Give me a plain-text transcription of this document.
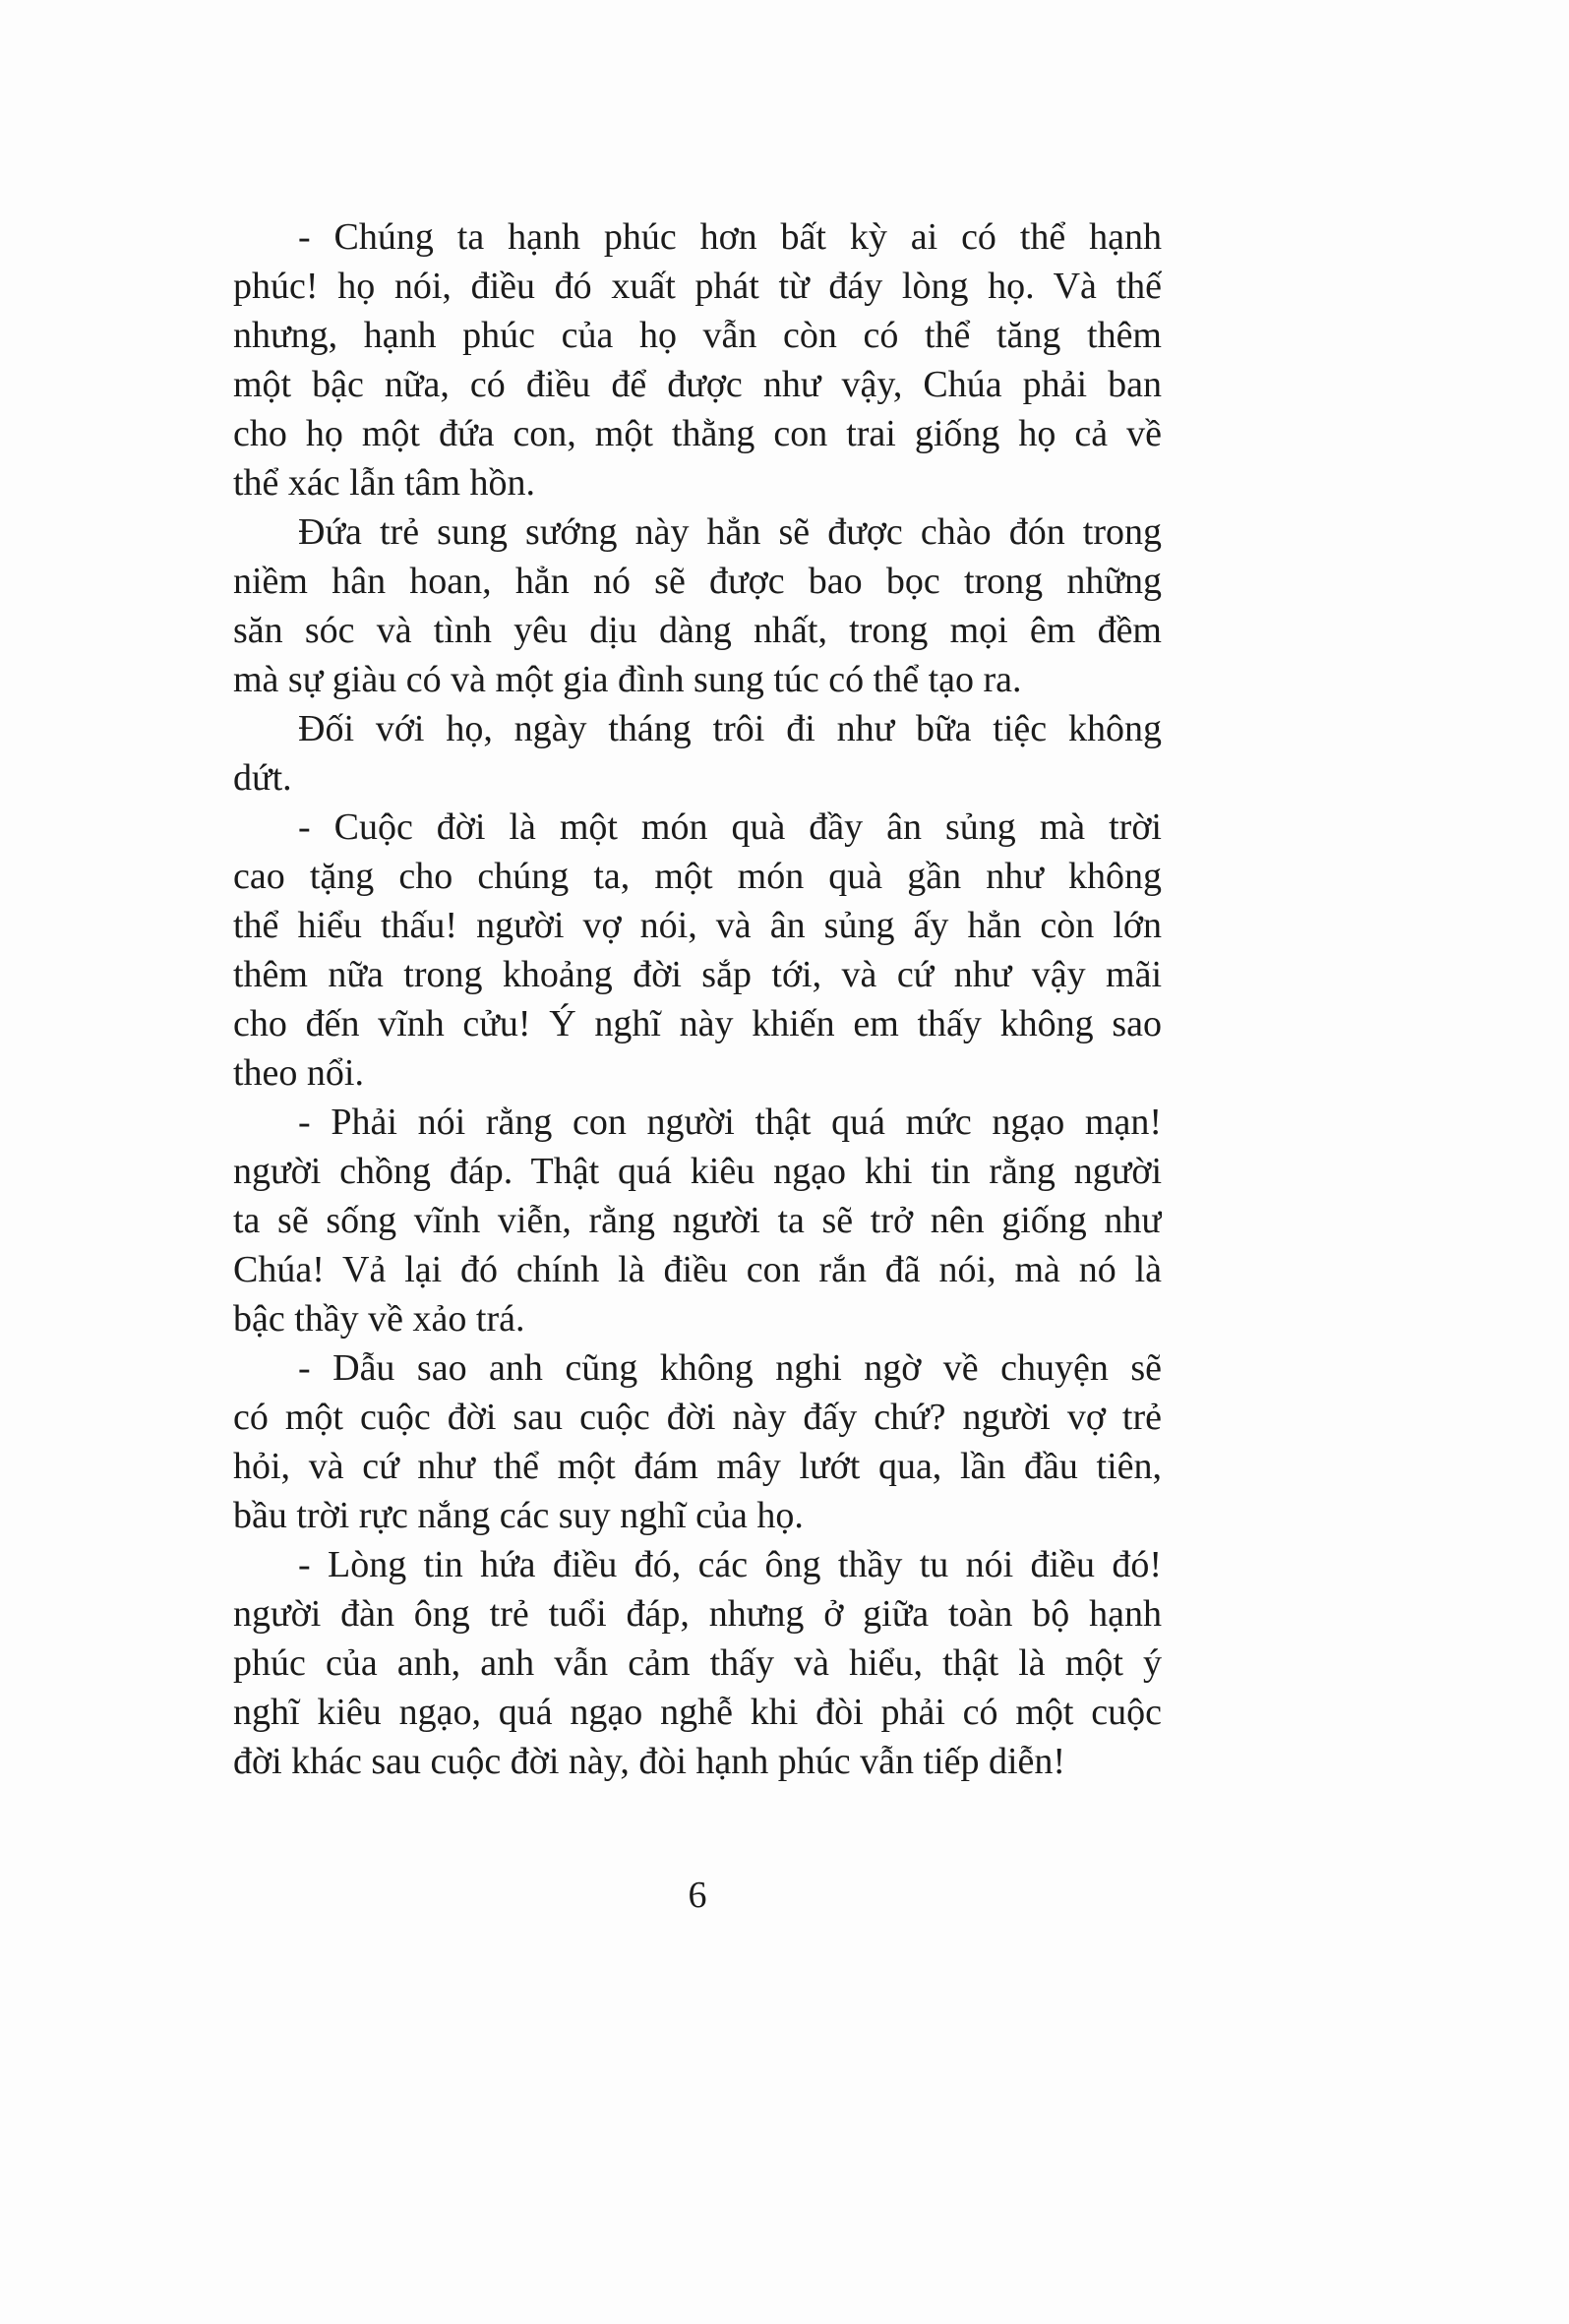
- Chúng ta hạnh phúc hơn bất kỳ ai có thể hạnh
phúc! họ nói, điều đó xuất phát từ đáy lòng họ. Và thế
nhưng, hạnh phúc của họ vẫn còn có thể tăng thêm
một bậc nữa, có điều để được như vậy, Chúa phải ban
cho họ một đứa con, một thằng con trai giống họ cả về
thể xác lẫn tâm hồn.
Đứa trẻ sung sướng này hẳn sẽ được chào đón trong
niềm hân hoan, hẳn nó sẽ được bao bọc trong những
săn sóc và tình yêu dịu dàng nhất, trong mọi êm đềm
mà sự giàu có và một gia đình sung túc có thể tạo ra.
Đối với họ, ngày tháng trôi đi như bữa tiệc không
dứt.
- Cuộc đời là một món quà đầy ân sủng mà trời
cao tặng cho chúng ta, một món quà gần như không
thể hiểu thấu! người vợ nói, và ân sủng ấy hẳn còn lớn
thêm nữa trong khoảng đời sắp tới, và cứ như vậy mãi
cho đến vĩnh cửu! Ý nghĩ này khiến em thấy không sao
theo nổi.
- Phải nói rằng con người thật quá mức ngạo mạn!
người chồng đáp. Thật quá kiêu ngạo khi tin rằng người
ta sẽ sống vĩnh viễn, rằng người ta sẽ trở nên giống như
Chúa! Vả lại đó chính là điều con rắn đã nói, mà nó là
bậc thầy về xảo trá.
- Dẫu sao anh cũng không nghi ngờ về chuyện sẽ
có một cuộc đời sau cuộc đời này đấy chứ? người vợ trẻ
hỏi, và cứ như thể một đám mây lướt qua, lần đầu tiên,
bầu trời rực nắng các suy nghĩ của họ.
- Lòng tin hứa điều đó, các ông thầy tu nói điều đó!
người đàn ông trẻ tuổi đáp, nhưng ở giữa toàn bộ hạnh
phúc của anh, anh vẫn cảm thấy và hiểu, thật là một ý
nghĩ kiêu ngạo, quá ngạo nghễ khi đòi phải có một cuộc
đời khác sau cuộc đời này, đòi hạnh phúc vẫn tiếp diễn!
6
